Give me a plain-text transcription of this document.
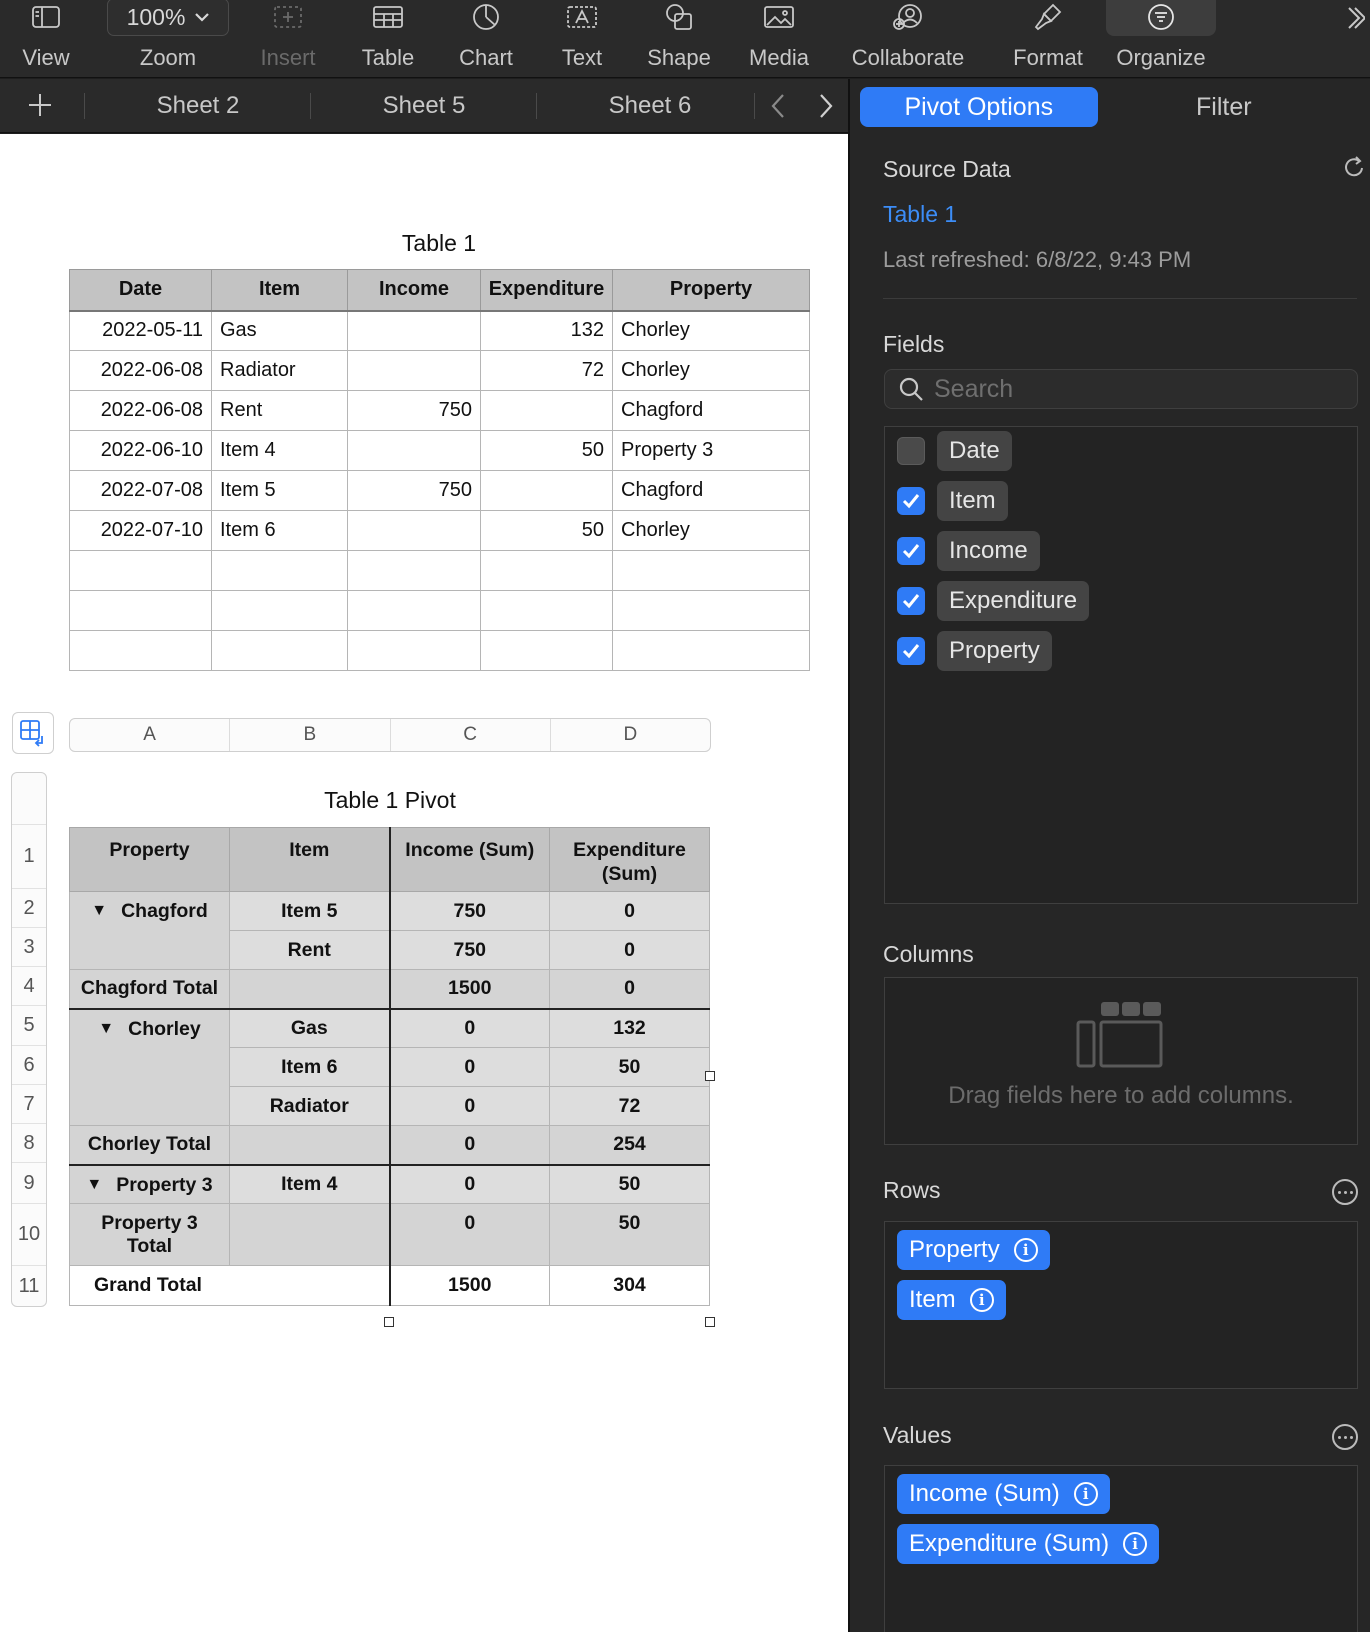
View
100%
Zoom	Insert Table Chart Text Shape Media Collaborate Format Organize
Sheet 2	Sheet 5	Sheet 6
Table 1
Date	Item	Income	Expenditure	Property
2022-05-11	Gas		132	Chorley
2022-06-08	Radiator		72	Chorley
2022-06-08	Rent	750		Chagford
2022-06-10	Item 4		50	Property 3
2022-07-08	Item 5	750		Chagford
2022-07-10	Item 6		50	Chorley

A	B	C	D
1
2
3
4
5
6
7
8
9
10
11
Table 1 Pivot
Property	Item	Income (Sum)	Expenditure (Sum)
▼ Chagford	Item 5	750	0
	Rent	750	0
Chagford Total		1500	0
▼ Chorley	Gas	0	132
	Item 6	0	50
	Radiator	0	72
Chorley Total		0	254
▼ Property 3	Item 4	0	50
Property 3 Total		0	50
Grand Total		1500	304
Pivot Options	Filter
Source Data
Table 1
Last refreshed: 6/8/22, 9:43 PM
Fields
Search
Date
Item
Income
Expenditure
Property
Columns
Drag fields here to add columns.
Rows
Property	i
Item	i
Values
Income (Sum)	i
Expenditure (Sum)	i
